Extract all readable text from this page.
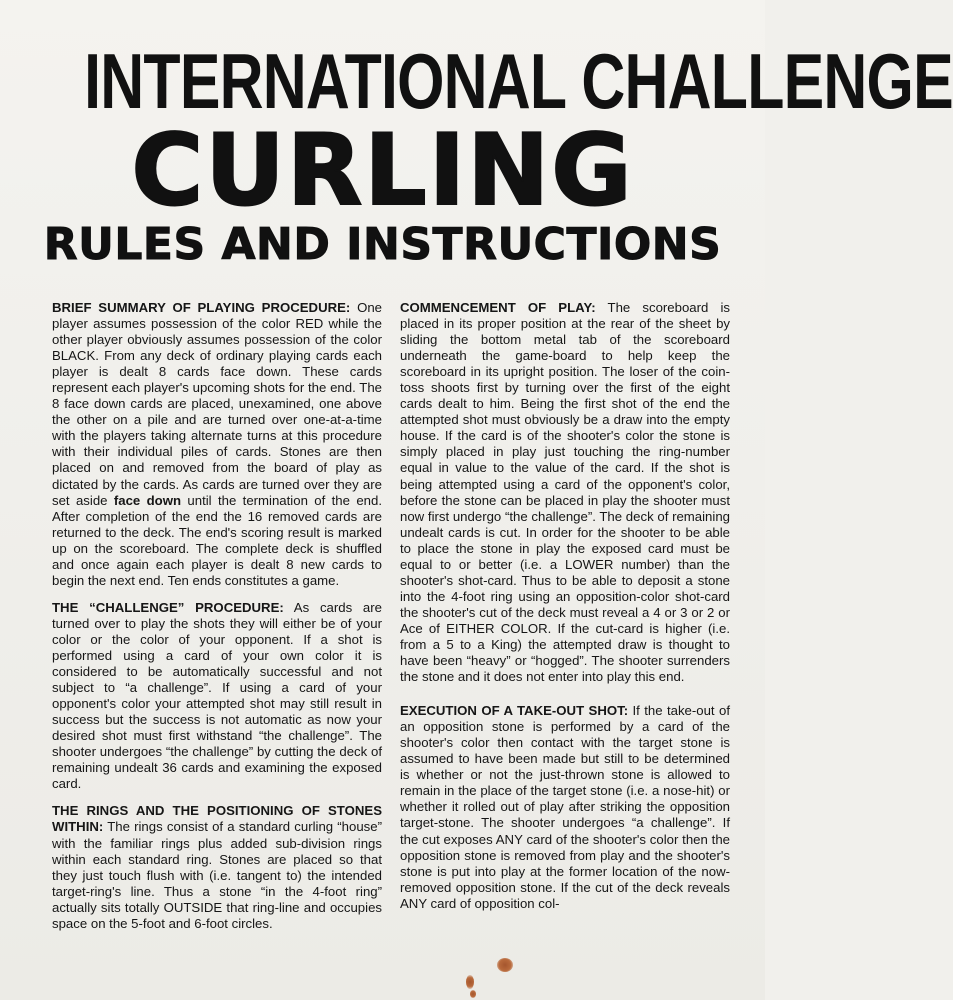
INTERNATIONAL CHALLENGE
CURLING
RULES AND INSTRUCTIONS

BRIEF SUMMARY OF PLAYING PROCEDURE: One player assumes possession of the color RED while the other player obviously assumes possession of the color BLACK. From any deck of ordinary playing cards each player is dealt 8 cards face down. These cards represent each player's upcoming shots for the end. The 8 face down cards are placed, unexamined, one above the other on a pile and are turned over one-at-a-time with the players taking alternate turns at this procedure with their individual piles of cards. Stones are then placed on and removed from the board of play as dictated by the cards. As cards are turned over they are set aside face down until the termination of the end. After completion of the end the 16 removed cards are returned to the deck. The end's scoring result is marked up on the scoreboard. The complete deck is shuffled and once again each player is dealt 8 new cards to begin the next end. Ten ends constitutes a game.

THE “CHALLENGE” PROCEDURE: As cards are turned over to play the shots they will either be of your color or the color of your opponent. If a shot is performed using a card of your own color it is considered to be automatically successful and not subject to “a challenge”. If using a card of your opponent's color your attempted shot may still result in success but the success is not automatic as now your desired shot must first withstand “the challenge”. The shooter undergoes “the challenge” by cutting the deck of remaining undealt 36 cards and examining the exposed card.

THE RINGS AND THE POSITIONING OF STONES WITHIN: The rings consist of a standard curling “house” with the familiar rings plus added sub-division rings within each standard ring. Stones are placed so that they just touch flush with (i.e. tangent to) the intended target-ring's line. Thus a stone “in the 4-foot ring” actually sits totally OUTSIDE that ring-line and occupies space on the 5-foot and 6-foot circles.

COMMENCEMENT OF PLAY: The scoreboard is placed in its proper position at the rear of the sheet by sliding the bottom metal tab of the scoreboard underneath the game-board to help keep the scoreboard in its upright position. The loser of the coin-toss shoots first by turning over the first of the eight cards dealt to him. Being the first shot of the end the attempted shot must obviously be a draw into the empty house. If the card is of the shooter's color the stone is simply placed in play just touching the ring-number equal in value to the value of the card. If the shot is being attempted using a card of the opponent's color, before the stone can be placed in play the shooter must now first undergo “the challenge”. The deck of remaining undealt cards is cut. In order for the shooter to be able to place the stone in play the exposed card must be equal to or better (i.e. a LOWER number) than the shooter's shot-card. Thus to be able to deposit a stone into the 4-foot ring using an opposition-color shot-card the shooter's cut of the deck must reveal a 4 or 3 or 2 or Ace of EITHER COLOR. If the cut-card is higher (i.e. from a 5 to a King) the attempted draw is thought to have been “heavy” or “hogged”. The shooter surrenders the stone and it does not enter into play this end.

EXECUTION OF A TAKE-OUT SHOT: If the take-out of an opposition stone is performed by a card of the shooter's color then contact with the target stone is assumed to have been made but still to be determined is whether or not the just-thrown stone is allowed to remain in the place of the target stone (i.e. a nose-hit) or whether it rolled out of play after striking the opposition target-stone. The shooter undergoes “a challenge”. If the cut exposes ANY card of the shooter's color then the opposition stone is removed from play and the shooter's stone is put into play at the former location of the now-removed opposition stone. If the cut of the deck reveals ANY card of opposition col-
